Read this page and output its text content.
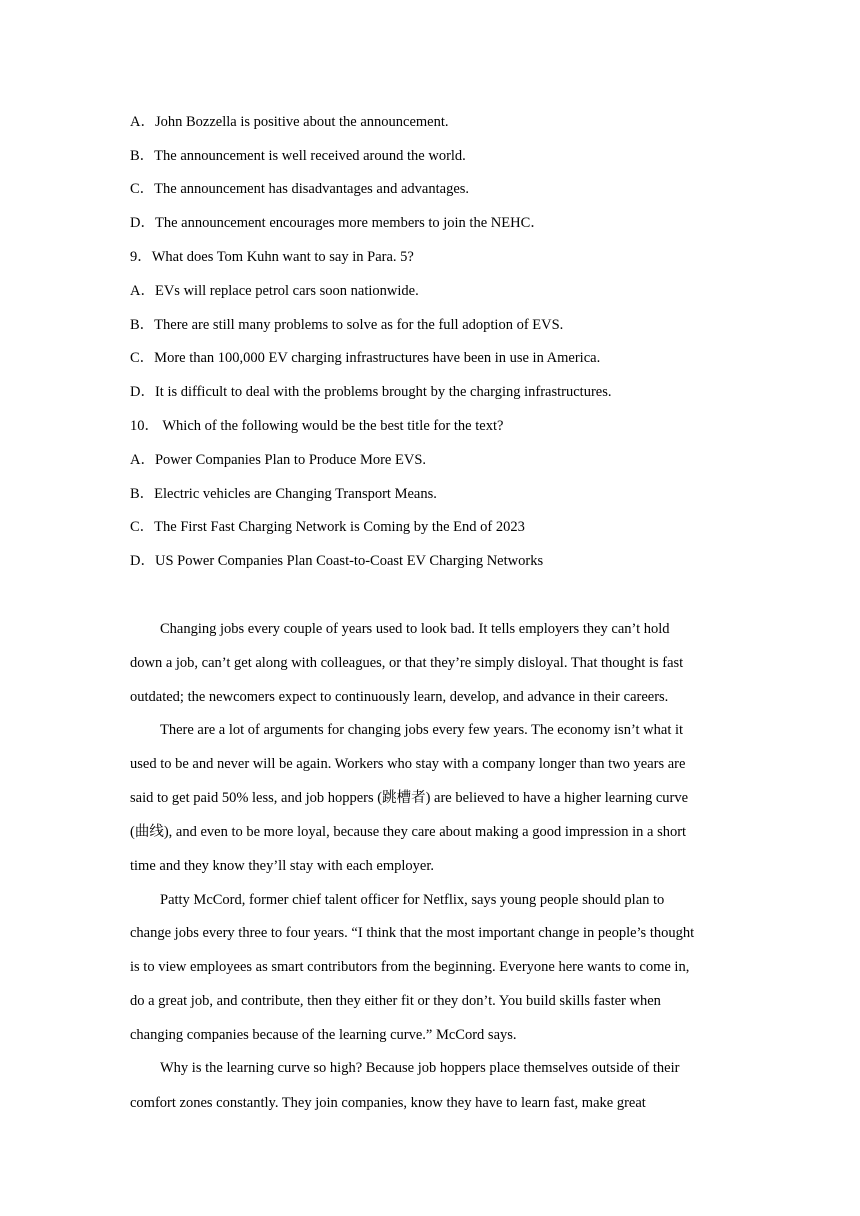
A．John Bozzella is positive about the announcement.
B．The announcement is well received around the world.
C．The announcement has disadvantages and advantages.
D．The announcement encourages more members to join the NEHC．
9．What does Tom Kuhn want to say in Para. 5?
A．EVs will replace petrol cars soon nationwide.
B．There are still many problems to solve as for the full adoption of EVS.
C．More than 100,000 EV charging infrastructures have been in use in America.
D．It is difficult to deal with the problems brought by the charging infrastructures.
10． Which of the following would be the best title for the text?
A．Power Companies Plan to Produce More EVS.
B．Electric vehicles are Changing Transport Means.
C．The First Fast Charging Network is Coming by the End of 2023
D．US Power Companies Plan Coast-to-Coast EV Charging Networks
Changing jobs every couple of years used to look bad. It tells employers they can’t hold
down a job, can’t get along with colleagues, or that they’re simply disloyal. That thought is fast
outdated; the newcomers expect to continuously learn, develop, and advance in their careers.
There are a lot of arguments for changing jobs every few years. The economy isn’t what it
used to be and never will be again. Workers who stay with a company longer than two years are
said to get paid 50% less, and job hoppers (跳槽者) are believed to have a higher learning curve
(曲线), and even to be more loyal, because they care about making a good impression in a short
time and they know they’ll stay with each employer.
Patty McCord, former chief talent officer for Netflix, says young people should plan to
change jobs every three to four years. “I think that the most important change in people’s thought
is to view employees as smart contributors from the beginning. Everyone here wants to come in,
do a great job, and contribute, then they either fit or they don’t. You build skills faster when
changing companies because of the learning curve.” McCord says.
Why is the learning curve so high? Because job hoppers place themselves outside of their
comfort zones constantly. They join companies, know they have to learn fast, make great
